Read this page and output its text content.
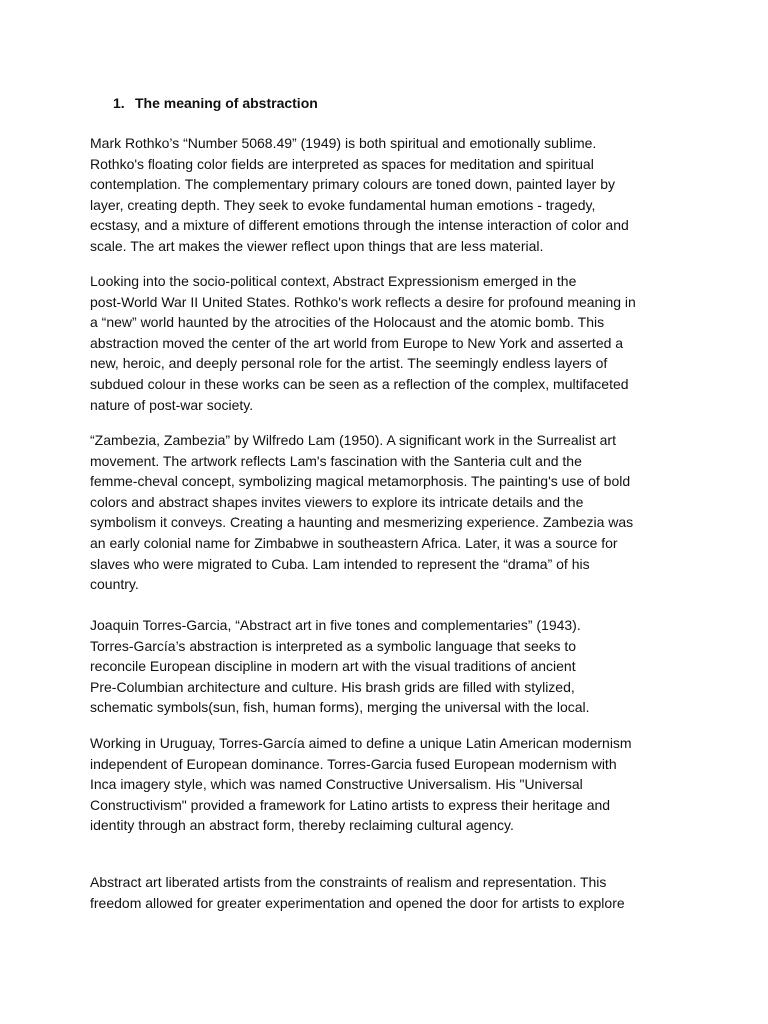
1. The meaning of abstraction
Mark Rothko’s “Number 5068.49” (1949) is both spiritual and emotionally sublime.
Rothko's floating color fields are interpreted as spaces for meditation and spiritual
contemplation. The complementary primary colours are toned down, painted layer by
layer, creating depth. They seek to evoke fundamental human emotions - tragedy,
ecstasy, and a mixture of different emotions through the intense interaction of color and
scale. The art makes the viewer reflect upon things that are less material.
Looking into the socio-political context, Abstract Expressionism emerged in the
post-World War II United States. Rothko's work reflects a desire for profound meaning in
a “new” world haunted by the atrocities of the Holocaust and the atomic bomb. This
abstraction moved the center of the art world from Europe to New York and asserted a
new, heroic, and deeply personal role for the artist. The seemingly endless layers of
subdued colour in these works can be seen as a reflection of the complex, multifaceted
nature of post-war society.
“Zambezia, Zambezia” by Wilfredo Lam (1950). A significant work in the Surrealist art
movement. The artwork reflects Lam's fascination with the Santeria cult and the
femme-cheval concept, symbolizing magical metamorphosis. The painting's use of bold
colors and abstract shapes invites viewers to explore its intricate details and the
symbolism it conveys. Creating a haunting and mesmerizing experience. Zambezia was
an early colonial name for Zimbabwe in southeastern Africa. Later, it was a source for
slaves who were migrated to Cuba. Lam intended to represent the “drama” of his
country.
Joaquin Torres-Garcia, “Abstract art in five tones and complementaries” (1943).
Torres-García’s abstraction is interpreted as a symbolic language that seeks to
reconcile European discipline in modern art with the visual traditions of ancient
Pre-Columbian architecture and culture. His brash grids are filled with stylized,
schematic symbols(sun, fish, human forms), merging the universal with the local.
Working in Uruguay, Torres-García aimed to define a unique Latin American modernism
independent of European dominance. Torres-Garcia fused European modernism with
Inca imagery style, which was named Constructive Universalism. His "Universal
Constructivism" provided a framework for Latino artists to express their heritage and
identity through an abstract form, thereby reclaiming cultural agency.
Abstract art liberated artists from the constraints of realism and representation. This
freedom allowed for greater experimentation and opened the door for artists to explore
